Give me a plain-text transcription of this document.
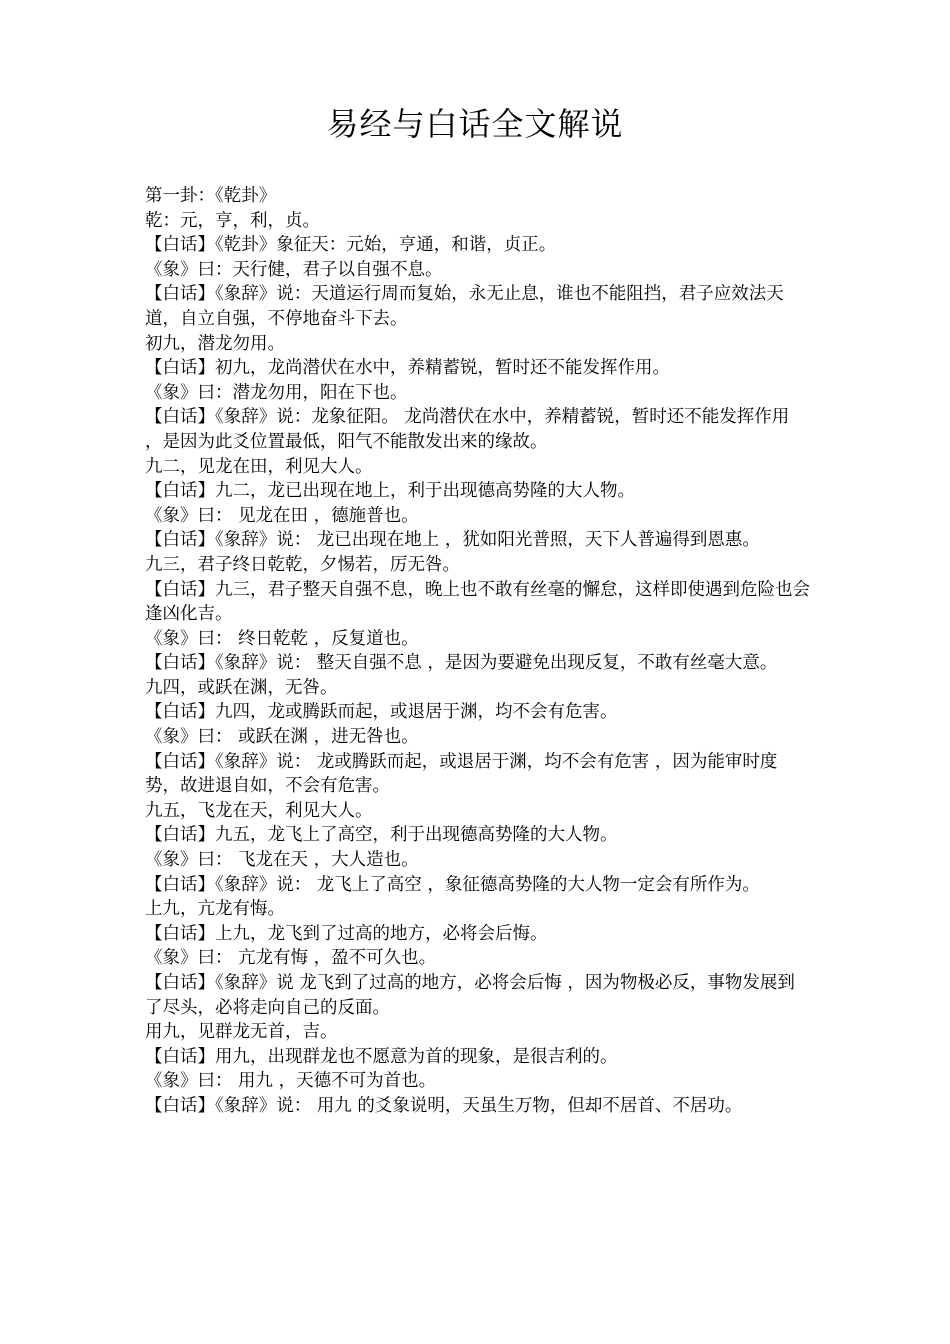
易经与白话全文解说
第一卦：《乾卦》
乾：元，亨，利，贞。
【白话】《乾卦》象征天：元始，亨通，和谐，贞正。
《象》曰：天行健，君子以自强不息。
【白话】《象辞》说：天道运行周而复始，永无止息，谁也不能阻挡，君子应效法天道，自立自强，不停地奋斗下去。
初九，潜龙勿用。
【白话】初九，龙尚潜伏在水中，养精蓄锐，暂时还不能发挥作用。
《象》曰：潜龙勿用，阳在下也。
【白话】《象辞》说：龙象征阳。 龙尚潜伏在水中，养精蓄锐，暂时还不能发挥作用 ，是因为此爻位置最低，阳气不能散发出来的缘故。
九二，见龙在田，利见大人。
【白话】九二，龙已出现在地上，利于出现德高势隆的大人物。
《象》曰： 见龙在田 ，德施普也。
【白话】《象辞》说： 龙已出现在地上 ，犹如阳光普照，天下人普遍得到恩惠。
九三，君子终日乾乾，夕惕若，厉无咎。
【白话】九三，君子整天自强不息，晚上也不敢有丝毫的懈怠，这样即使遇到危险也会逢凶化吉。
《象》曰： 终日乾乾 ，反复道也。
【白话】《象辞》说： 整天自强不息 ，是因为要避免出现反复，不敢有丝毫大意。
九四，或跃在渊，无咎。
【白话】九四，龙或腾跃而起，或退居于渊，均不会有危害。
《象》曰： 或跃在渊 ，进无咎也。
【白话】《象辞》说： 龙或腾跃而起，或退居于渊，均不会有危害 ，因为能审时度势，故进退自如，不会有危害。
九五，飞龙在天，利见大人。
【白话】九五，龙飞上了高空，利于出现德高势隆的大人物。
《象》曰： 飞龙在天 ，大人造也。
【白话】《象辞》说： 龙飞上了高空 ，象征德高势隆的大人物一定会有所作为。
上九，亢龙有悔。
【白话】上九，龙飞到了过高的地方，必将会后悔。
《象》曰： 亢龙有悔 ，盈不可久也。
【白话】《象辞》说 龙飞到了过高的地方，必将会后悔 ，因为物极必反，事物发展到了尽头，必将走向自己的反面。
用九，见群龙无首，吉。
【白话】用九，出现群龙也不愿意为首的现象，是很吉利的。
《象》曰： 用九 ，天德不可为首也。
【白话】《象辞》说： 用九 的爻象说明，天虽生万物，但却不居首、不居功。
